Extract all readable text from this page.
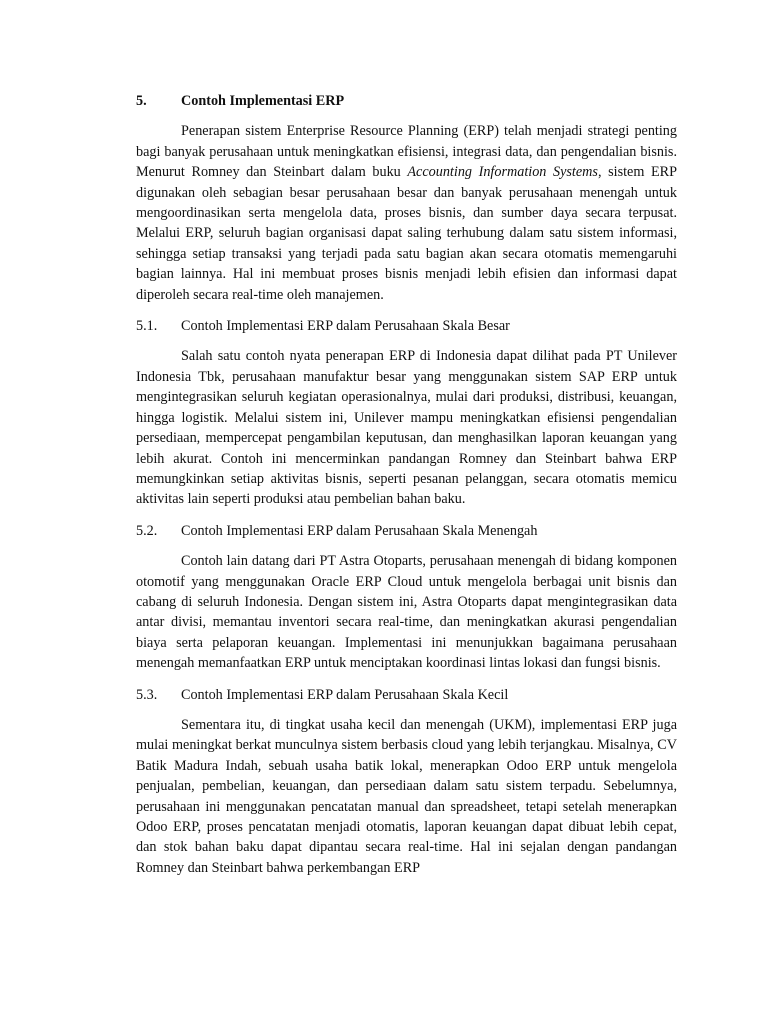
5.	Contoh Implementasi ERP

Penerapan sistem Enterprise Resource Planning (ERP) telah menjadi strategi penting bagi banyak perusahaan untuk meningkatkan efisiensi, integrasi data, dan pengendalian bisnis. Menurut Romney dan Steinbart dalam buku Accounting Information Systems, sistem ERP digunakan oleh sebagian besar perusahaan besar dan banyak perusahaan menengah untuk mengoordinasikan serta mengelola data, proses bisnis, dan sumber daya secara terpusat. Melalui ERP, seluruh bagian organisasi dapat saling terhubung dalam satu sistem informasi, sehingga setiap transaksi yang terjadi pada satu bagian akan secara otomatis memengaruhi bagian lainnya. Hal ini membuat proses bisnis menjadi lebih efisien dan informasi dapat diperoleh secara real-time oleh manajemen.

5.1.	Contoh Implementasi ERP dalam Perusahaan Skala Besar

Salah satu contoh nyata penerapan ERP di Indonesia dapat dilihat pada PT Unilever Indonesia Tbk, perusahaan manufaktur besar yang menggunakan sistem SAP ERP untuk mengintegrasikan seluruh kegiatan operasionalnya, mulai dari produksi, distribusi, keuangan, hingga logistik. Melalui sistem ini, Unilever mampu meningkatkan efisiensi pengendalian persediaan, mempercepat pengambilan keputusan, dan menghasilkan laporan keuangan yang lebih akurat. Contoh ini mencerminkan pandangan Romney dan Steinbart bahwa ERP memungkinkan setiap aktivitas bisnis, seperti pesanan pelanggan, secara otomatis memicu aktivitas lain seperti produksi atau pembelian bahan baku.

5.2.	Contoh Implementasi ERP dalam Perusahaan Skala Menengah

Contoh lain datang dari PT Astra Otoparts, perusahaan menengah di bidang komponen otomotif yang menggunakan Oracle ERP Cloud untuk mengelola berbagai unit bisnis dan cabang di seluruh Indonesia. Dengan sistem ini, Astra Otoparts dapat mengintegrasikan data antar divisi, memantau inventori secara real-time, dan meningkatkan akurasi pengendalian biaya serta pelaporan keuangan. Implementasi ini menunjukkan bagaimana perusahaan menengah memanfaatkan ERP untuk menciptakan koordinasi lintas lokasi dan fungsi bisnis.

5.3.	Contoh Implementasi ERP dalam Perusahaan Skala Kecil

Sementara itu, di tingkat usaha kecil dan menengah (UKM), implementasi ERP juga mulai meningkat berkat munculnya sistem berbasis cloud yang lebih terjangkau. Misalnya, CV Batik Madura Indah, sebuah usaha batik lokal, menerapkan Odoo ERP untuk mengelola penjualan, pembelian, keuangan, dan persediaan dalam satu sistem terpadu. Sebelumnya, perusahaan ini menggunakan pencatatan manual dan spreadsheet, tetapi setelah menerapkan Odoo ERP, proses pencatatan menjadi otomatis, laporan keuangan dapat dibuat lebih cepat, dan stok bahan baku dapat dipantau secara real-time. Hal ini sejalan dengan pandangan Romney dan Steinbart bahwa perkembangan ERP
